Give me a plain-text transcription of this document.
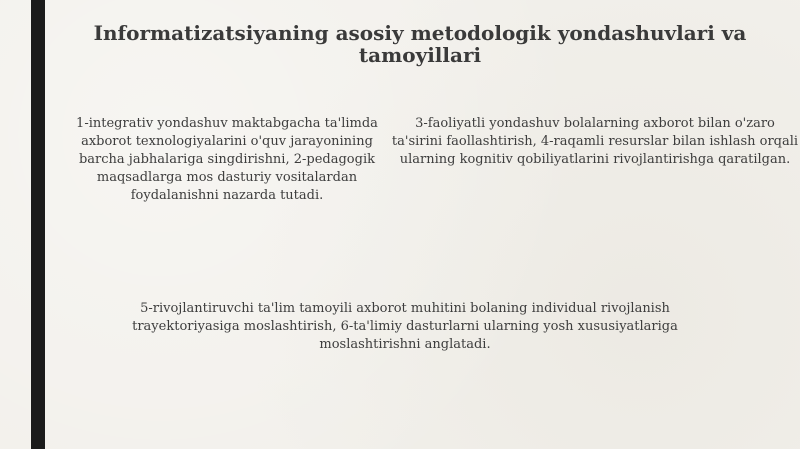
Informatizatsiyaning asosiy metodologik yondashuvlari va tamoyillari

1-integrativ yondashuv maktabgacha ta'limda axborot texnologiyalarini o'quv jarayonining barcha jabhalariga singdirishni, 2-pedagogik maqsadlarga mos dasturiy vositalardan foydalanishni nazarda tutadi.

3-faoliyatli yondashuv bolalarning axborot bilan o'zaro ta'sirini faollashtirish, 4-raqamli resurslar bilan ishlash orqali ularning kognitiv qobiliyatlarini rivojlantirishga qaratilgan.

5-rivojlantiruvchi ta'lim tamoyili axborot muhitini bolaning individual rivojlanish trayektoriyasiga moslashtirish, 6-ta'limiy dasturlarni ularning yosh xususiyatlariga moslashtirishni anglatadi.
